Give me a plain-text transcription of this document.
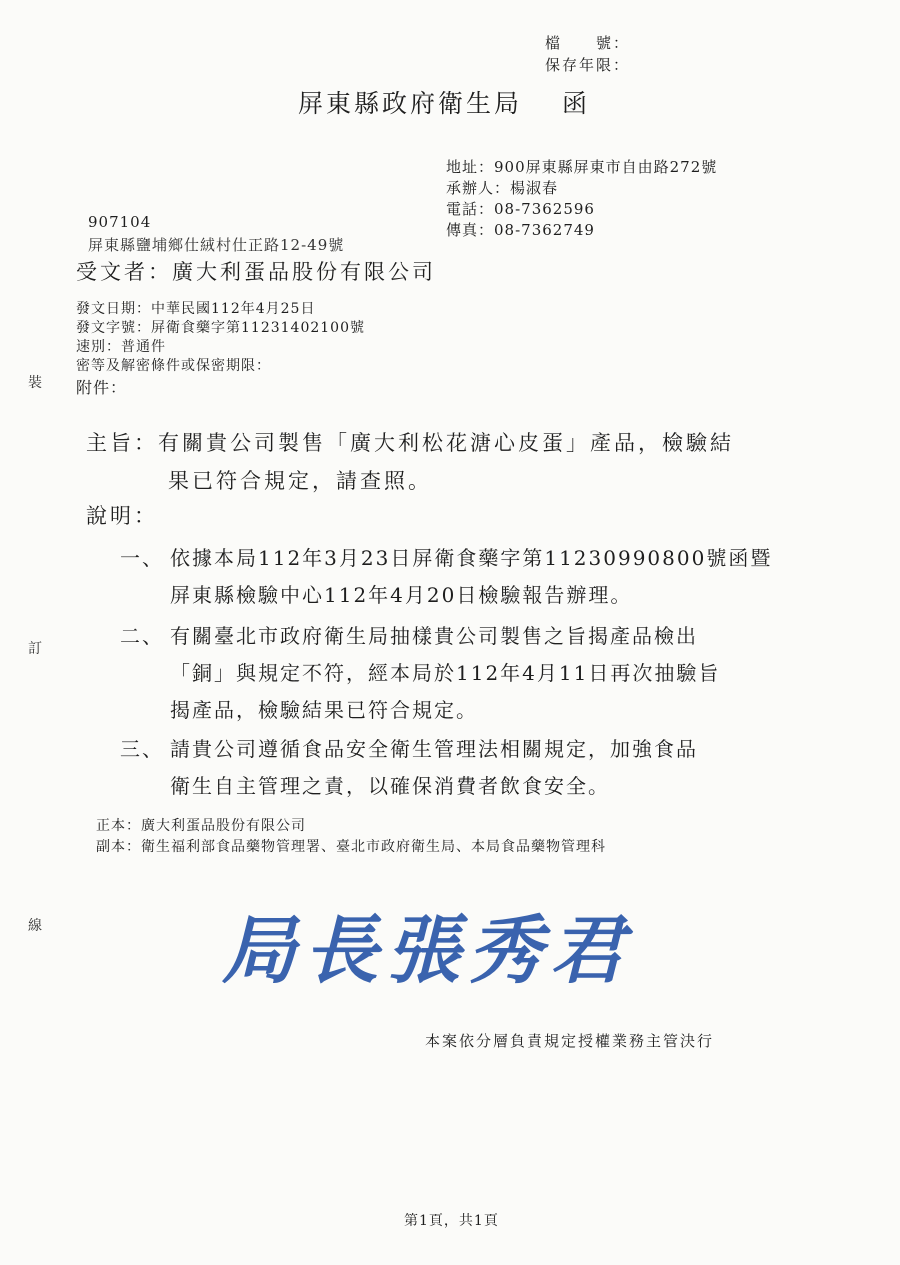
檔　　號：
保存年限：
屏東縣政府衛生局 函
地址：900屏東縣屏東市自由路272號
承辦人：楊淑春
電話：08-7362596
傳真：08-7362749
907104
屏東縣鹽埔鄉仕絨村仕正路12-49號
受文者：廣大利蛋品股份有限公司
發文日期：中華民國112年4月25日
發文字號：屏衛食藥字第11231402100號
速別：普通件
密等及解密條件或保密期限：
附件：
主旨：有關貴公司製售「廣大利松花溏心皮蛋」產品，檢驗結
果已符合規定，請查照。
說明：
一、 依據本局112年3月23日屏衛食藥字第11230990800號函暨
屏東縣檢驗中心112年4月20日檢驗報告辦理。
二、 有關臺北市政府衛生局抽樣貴公司製售之旨揭產品檢出
「銅」與規定不符，經本局於112年4月11日再次抽驗旨
揭產品，檢驗結果已符合規定。
三、 請貴公司遵循食品安全衛生管理法相關規定，加強食品
衛生自主管理之責，以確保消費者飲食安全。
正本：廣大利蛋品股份有限公司
副本：衛生福利部食品藥物管理署、臺北市政府衛生局、本局食品藥物管理科
裝
訂
線 局長張秀君
本案依分層負責規定授權業務主管決行
第1頁，共1頁
